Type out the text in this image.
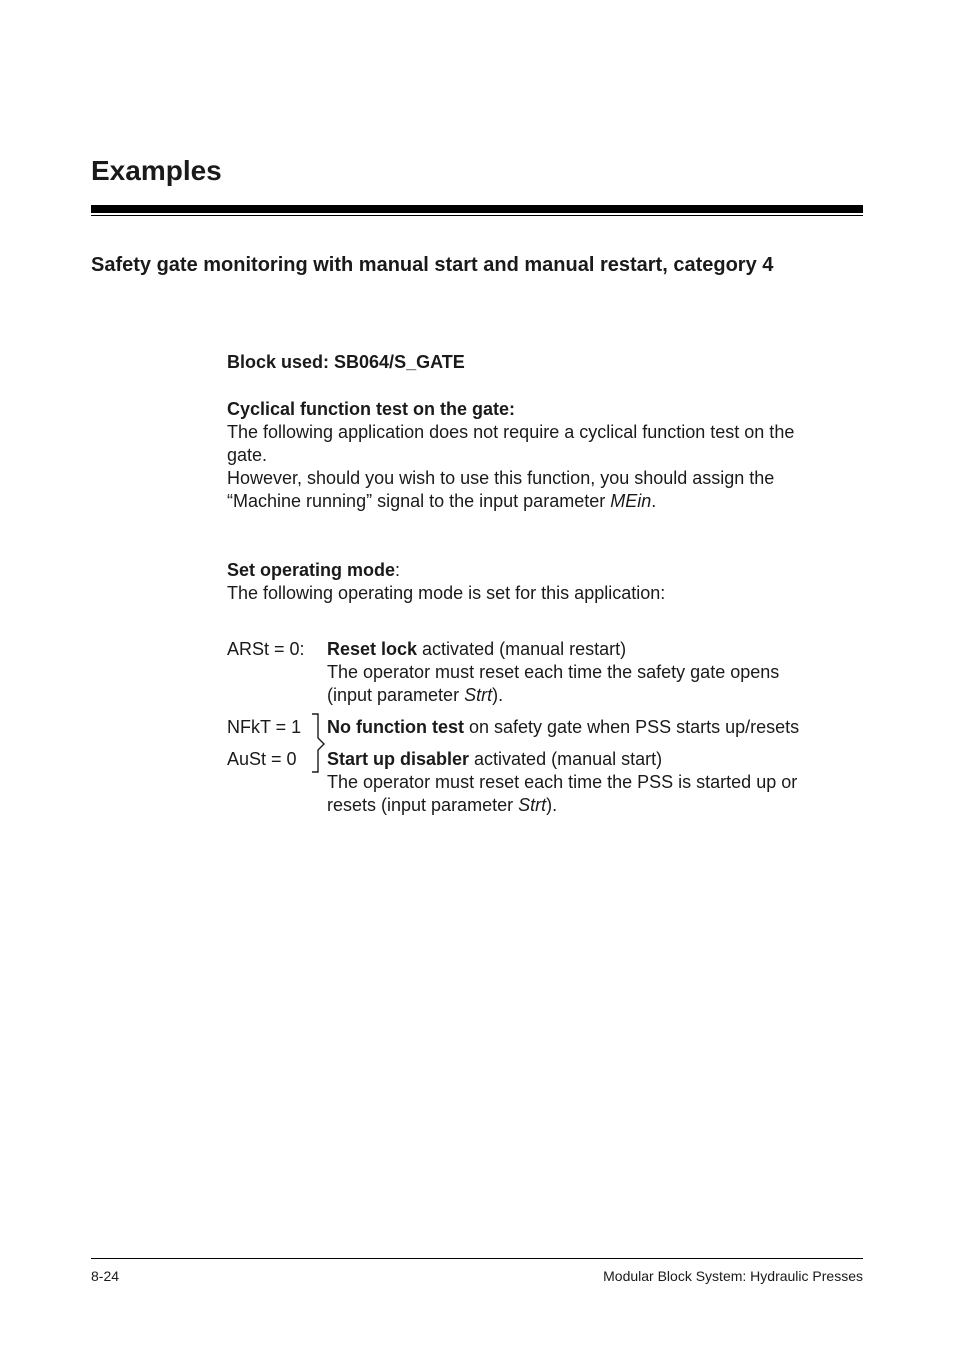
Examples
Safety gate monitoring with manual start and manual restart, category 4
Block used: SB064/S_GATE
Cyclical function test on the gate:
The following application does not require a cyclical function test on the
gate.
However, should you wish to use this function, you should assign the
“Machine running” signal to the input parameter MEin.
Set operating mode:
The following operating mode is set for this application:
ARSt = 0: Reset lock activated (manual restart)
The operator must reset each time the safety gate opens
(input parameter Strt).
NFkT = 1 No function test on safety gate when PSS starts up/resets
AuSt = 0 Start up disabler activated (manual start)
The operator must reset each time the PSS is started up or
resets (input parameter Strt).
8-24	Modular Block System: Hydraulic Presses
